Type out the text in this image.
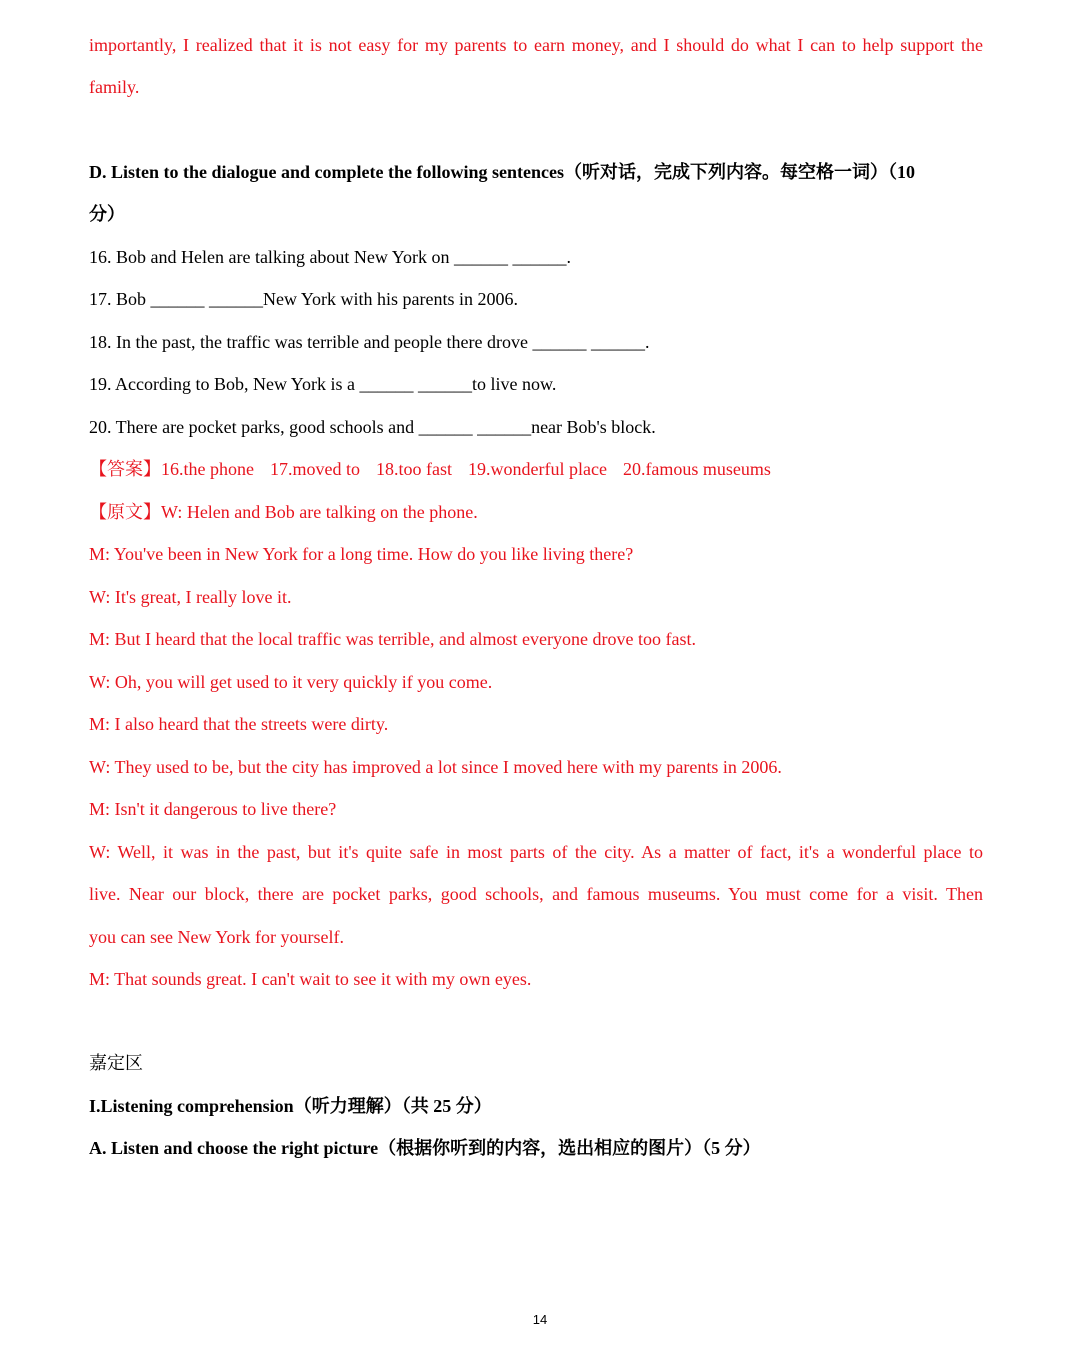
importantly, I realized that it is not easy for my parents to earn money, and I should do what I can to help support the
family.
D. Listen to the dialogue and complete the following sentences（听对话，完成下列内容。每空格一词）（10
分）
16. Bob and Helen are talking about New York on ______ ______.
17. Bob ______ ______New York with his parents in 2006.
18. In the past, the traffic was terrible and people there drove ______ ______.
19. According to Bob, New York is a ______ ______to live now.
20. There are pocket parks, good schools and ______ ______near Bob's block.
【答案】16.the phone 17.moved to 18.too fast 19.wonderful place 20.famous museums
【原文】W: Helen and Bob are talking on the phone.
M: You've been in New York for a long time. How do you like living there?
W: It's great, I really love it.
M: But I heard that the local traffic was terrible, and almost everyone drove too fast.
W: Oh, you will get used to it very quickly if you come.
M: I also heard that the streets were dirty.
W: They used to be, but the city has improved a lot since I moved here with my parents in 2006.
M: Isn't it dangerous to live there?
W: Well, it was in the past, but it's quite safe in most parts of the city. As a matter of fact, it's a wonderful place to
live. Near our block, there are pocket parks, good schools, and famous museums. You must come for a visit. Then
you can see New York for yourself.
M: That sounds great. I can't wait to see it with my own eyes.
嘉定区
I.Listening comprehension（听力理解）（共 25 分）
A. Listen and choose the right picture（根据你听到的内容，选出相应的图片）（5 分）
14
